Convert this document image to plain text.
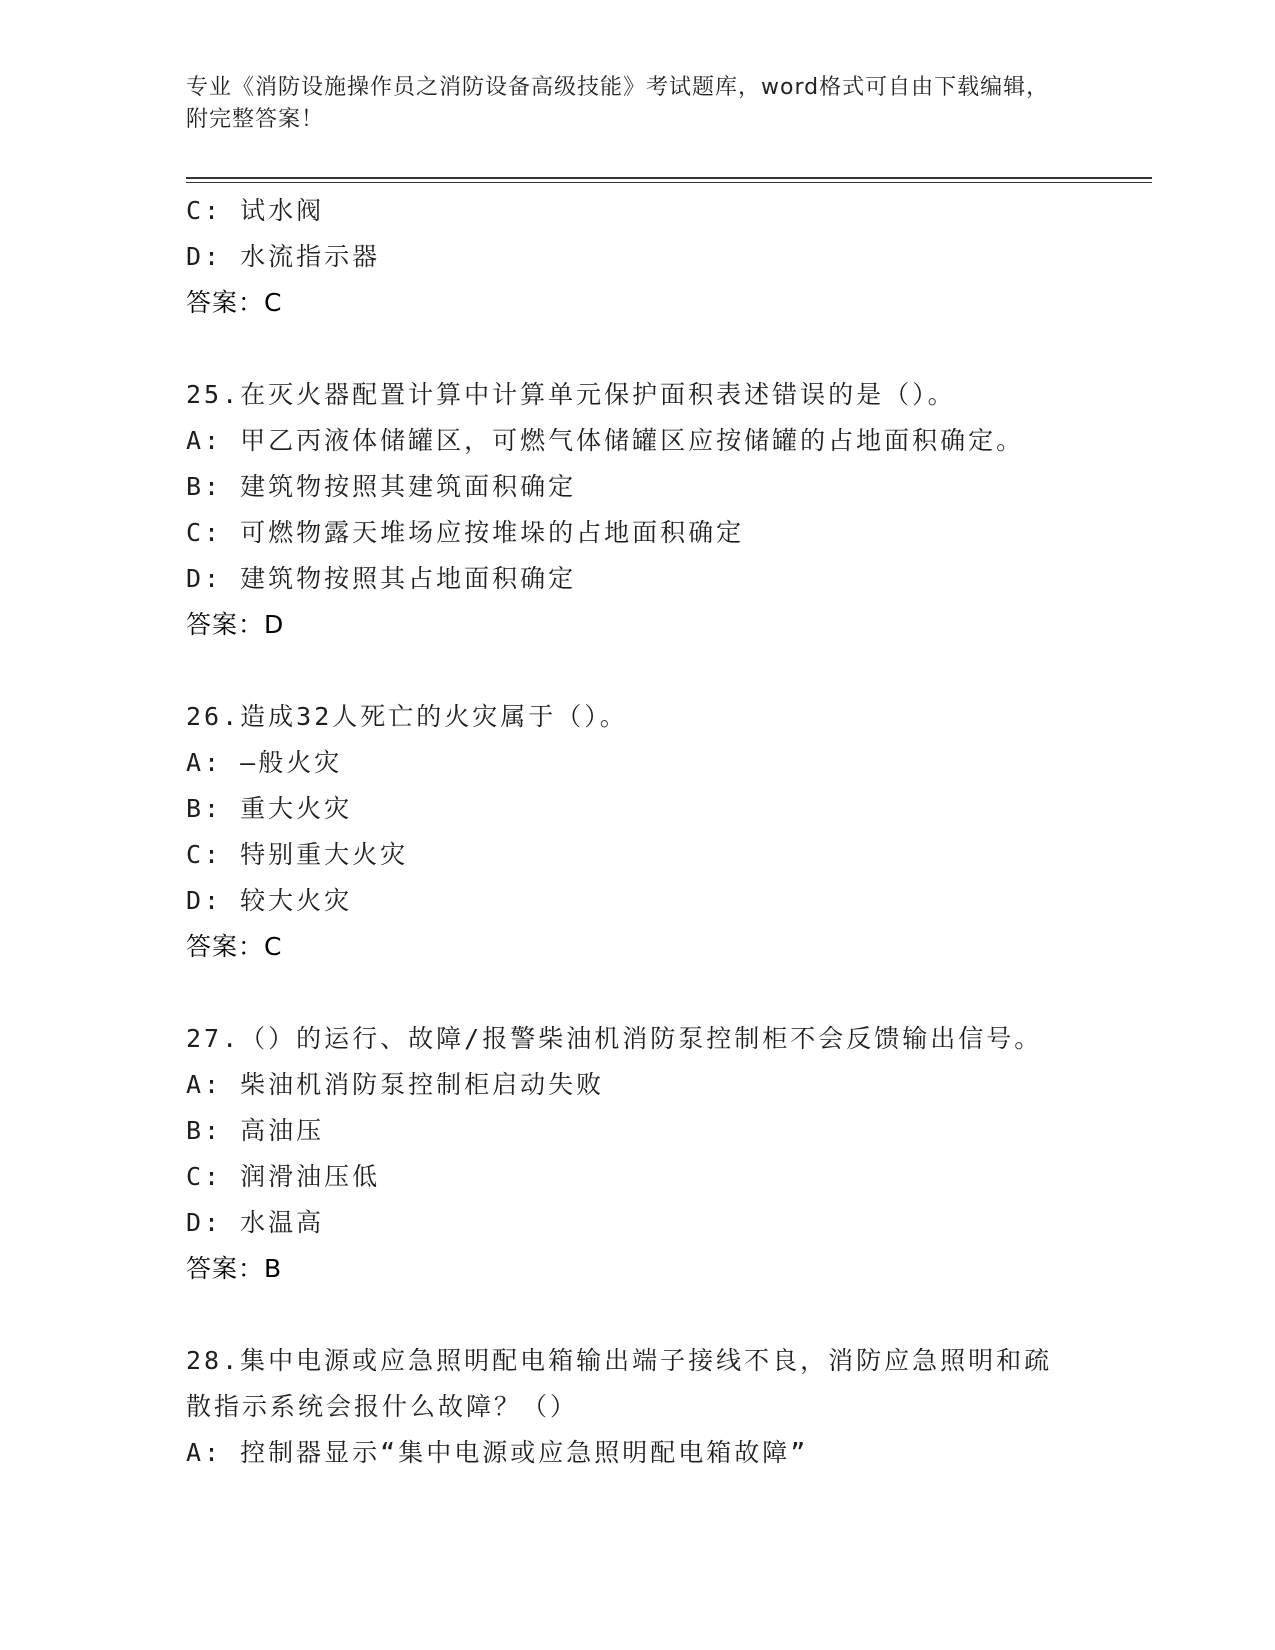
专业《消防设施操作员之消防设备高级技能》考试题库，word格式可自由下载编辑，附完整答案！
C: 试水阀
D: 水流指示器
答案：C
25.在灭火器配置计算中计算单元保护面积表述错误的是（）。
A: 甲乙丙液体储罐区，可燃气体储罐区应按储罐的占地面积确定。
B: 建筑物按照其建筑面积确定
C: 可燃物露天堆场应按堆垛的占地面积确定
D: 建筑物按照其占地面积确定
答案：D
26.造成32人死亡的火灾属于（）。
A: —般火灾
B: 重大火灾
C: 特别重大火灾
D: 较大火灾
答案：C
27.（）的运行、故障/报警柴油机消防泵控制柜不会反馈输出信号。
A: 柴油机消防泵控制柜启动失败
B: 高油压
C: 润滑油压低
D: 水温高
答案：B
28.集中电源或应急照明配电箱输出端子接线不良，消防应急照明和疏
散指示系统会报什么故障？（）
A: 控制器显示“集中电源或应急照明配电箱故障”
